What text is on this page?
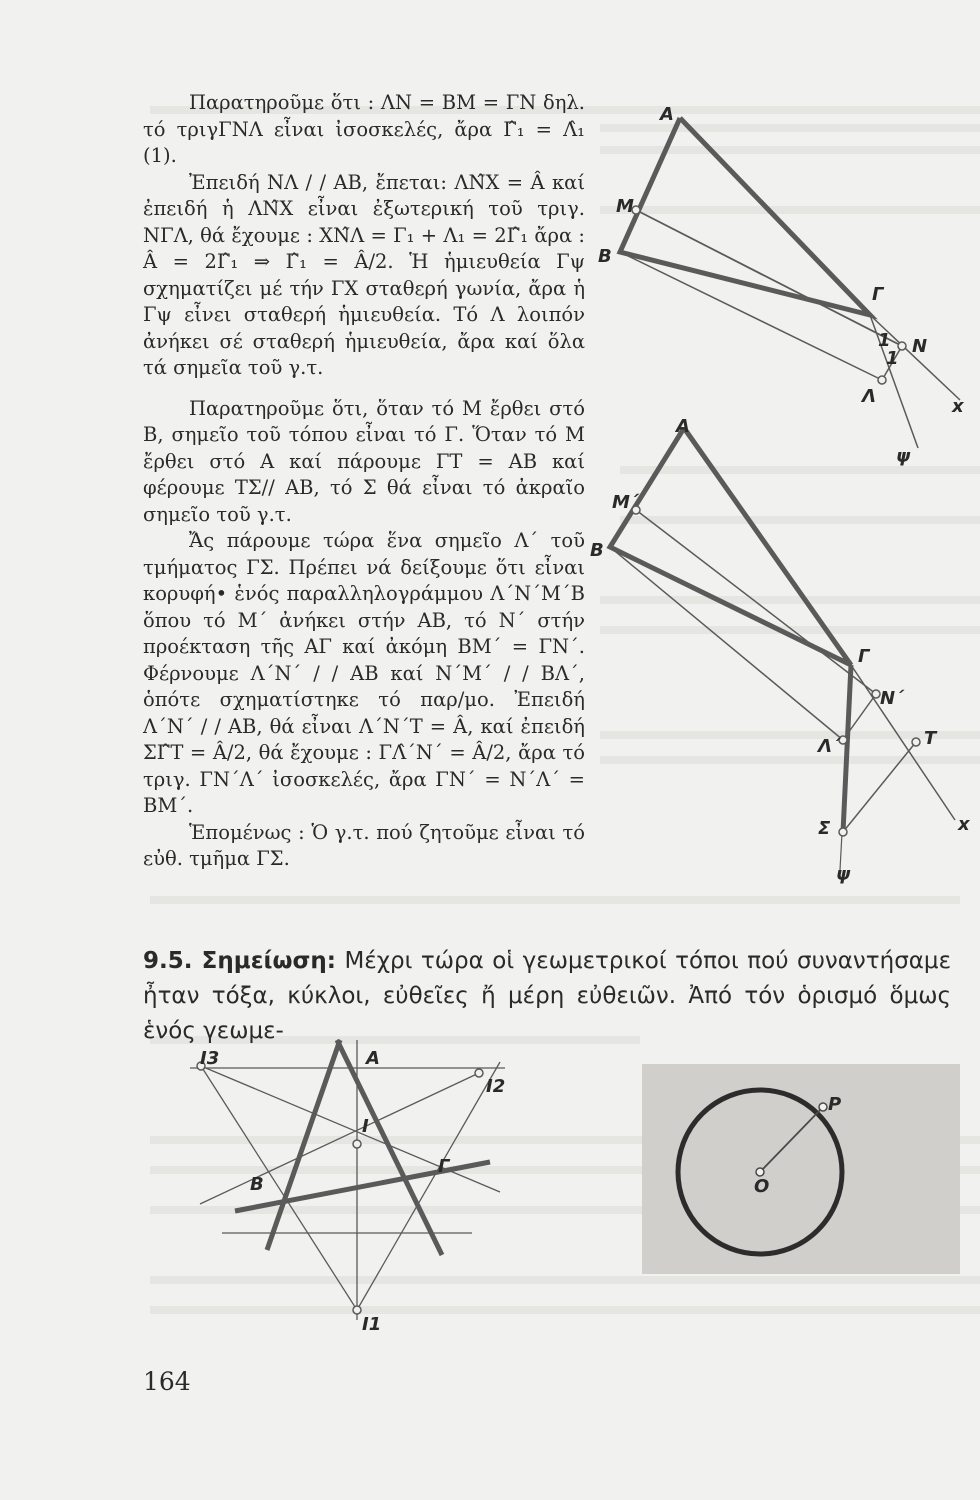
Παρατηροῦμε ὅτι : ΛΝ = ΒΜ = ΓΝ δηλ. τό τριγΓΝΛ εἶναι ἰσοσκελές, ἄρα Γ̂₁ = Λ̂₁ (1).

Ἐπειδή ΝΛ / / ΑΒ, ἔπεται: ΛΝ̂Χ = Â καί ἐπειδή ἡ ΛΝ̂Χ εἶναι ἐξωτερική τοῦ τριγ. ΝΓΛ, θά ἔχουμε : ΧΝ̂Λ = Γ₁ + Λ₁ = 2Γ̂₁ ἄρα : Â = 2Γ̂₁ ⇒ Γ̂₁ = Â/2. Ἡ ἡμιευθεία Γψ σχηματίζει μέ τήν ΓΧ σταθερή γωνία, ἄρα ἡ Γψ εἶνει σταθερή ἡμιευθεία. Τό Λ λοιπόν ἀνήκει σέ σταθερή ἡμιευθεία, ἄρα καί ὅλα τά σημεῖα τοῦ γ.τ.

Παρατηροῦμε ὅτι, ὅταν τό Μ ἔρθει στό Β, σημεῖο τοῦ τόπου εἶναι τό Γ. Ὅταν τό Μ ἔρθει στό Α καί πάρουμε ΓΤ = ΑΒ καί φέρουμε ΤΣ// ΑΒ, τό Σ θά εἶναι τό ἀκραῖο σημεῖο τοῦ γ.τ.

Ἄς πάρουμε τώρα ἕνα σημεῖο Λ΄ τοῦ τμήματος ΓΣ. Πρέπει νά δείξουμε ὅτι εἶναι κορυφή• ἑνός παραλληλογράμμου Λ΄Ν΄Μ΄Β ὅπου τό Μ΄ ἀνήκει στήν ΑΒ, τό Ν΄ στήν προέκταση τῆς ΑΓ καί ἀκόμη ΒΜ΄ = ΓΝ΄. Φέρνουμε Λ΄Ν΄ / / ΑΒ καί Ν΄Μ΄ / / ΒΛ΄, ὁπότε σχηματίστηκε τό παρ/μο. Ἐπειδή Λ΄Ν΄ / / ΑΒ, θά εἶναι Λ΄Ν΄Τ = Â, καί ἐπειδή ΣΓ̂Τ = Â/2, θά ἔχουμε : ΓΛ̂΄Ν΄ = Â/2, ἄρα τό τριγ. ΓΝ΄Λ΄ ἰσοσκελές, ἄρα ΓΝ΄ = Ν΄Λ΄ = ΒΜ΄.

Ἑπομένως : Ὁ γ.τ. πού ζητοῦμε εἶναι τό εὐθ. τμῆμα ΓΣ.

A
M
B
Γ
1
1
N
Λ	x
ψ
A
M΄
B
Γ
N΄
Λ΄	T
Σ	x
ψ
9.5. Σημείωση: Μέχρι τώρα οἱ γεωμετρικοί τόποι πού συναντήσαμε ἦταν τόξα, κύκλοι, εὐθεῖες ἤ μέρη εὐθειῶν. Ἀπό τόν ὁρισμό ὅμως ἑνός γεωμε-
I3	A
I2
I
Γ
B
I1
P
O
164
